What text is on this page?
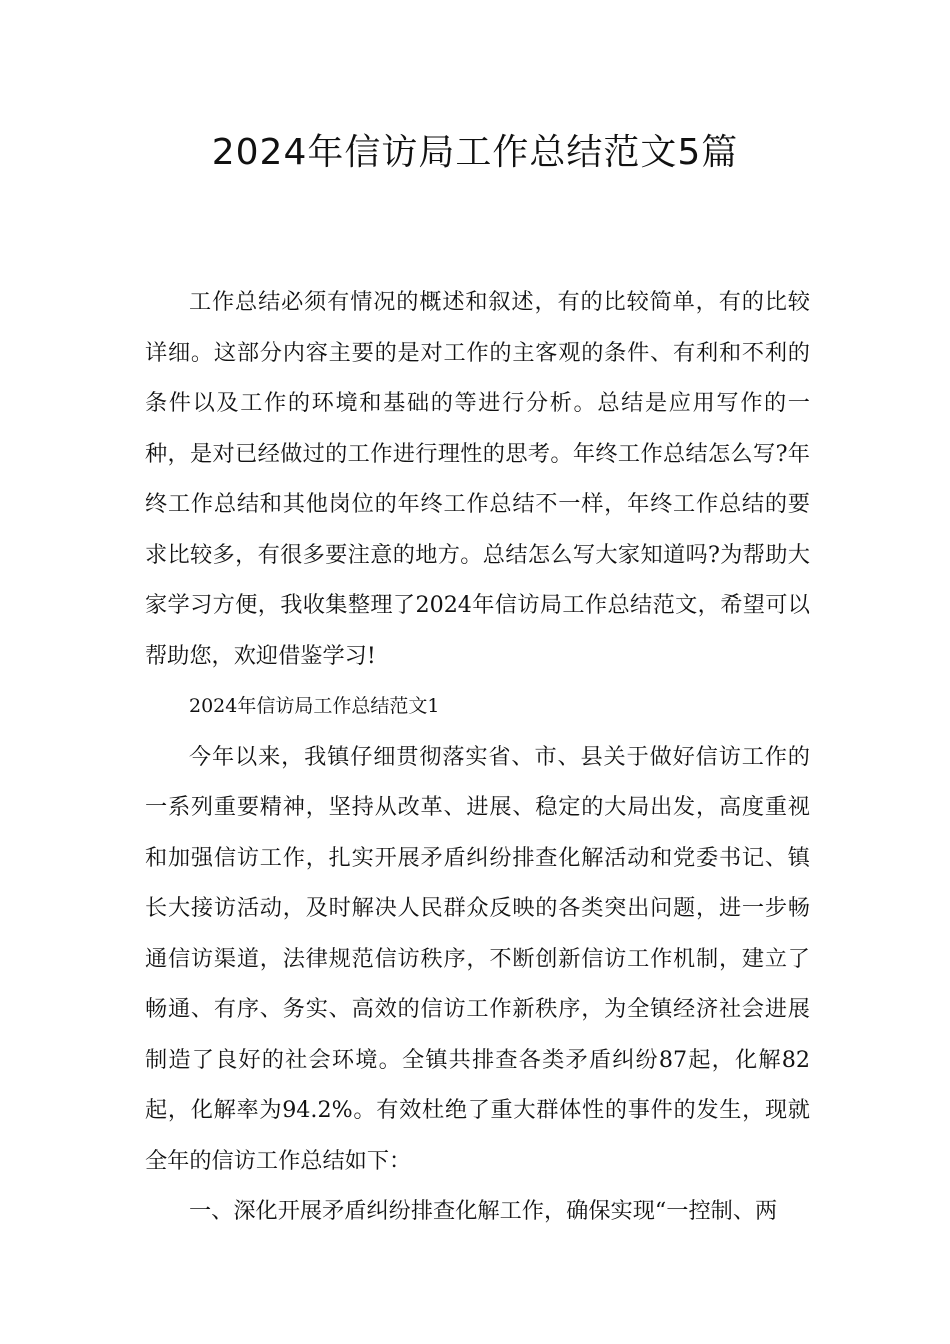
2024年信访局工作总结范文5篇

工作总结必须有情况的概述和叙述，有的比较简单，有的比较详细。这部分内容主要的是对工作的主客观的条件、有利和不利的条件以及工作的环境和基础的等进行分析。总结是应用写作的一种，是对已经做过的工作进行理性的思考。年终工作总结怎么写?年终工作总结和其他岗位的年终工作总结不一样，年终工作总结的要求比较多，有很多要注意的地方。总结怎么写大家知道吗?为帮助大家学习方便，我收集整理了2024年信访局工作总结范文，希望可以帮助您，欢迎借鉴学习!

2024年信访局工作总结范文1

今年以来，我镇仔细贯彻落实省、市、县关于做好信访工作的一系列重要精神，坚持从改革、进展、稳定的大局出发，高度重视和加强信访工作，扎实开展矛盾纠纷排查化解活动和党委书记、镇长大接访活动，及时解决人民群众反映的各类突出问题，进一步畅通信访渠道，法律规范信访秩序，不断创新信访工作机制，建立了畅通、有序、务实、高效的信访工作新秩序，为全镇经济社会进展制造了良好的社会环境。全镇共排查各类矛盾纠纷87起，化解82起，化解率为94.2%。有效杜绝了重大群体性的事件的发生，现就全年的信访工作总结如下：

一、深化开展矛盾纠纷排查化解工作，确保实现“一控制、两
